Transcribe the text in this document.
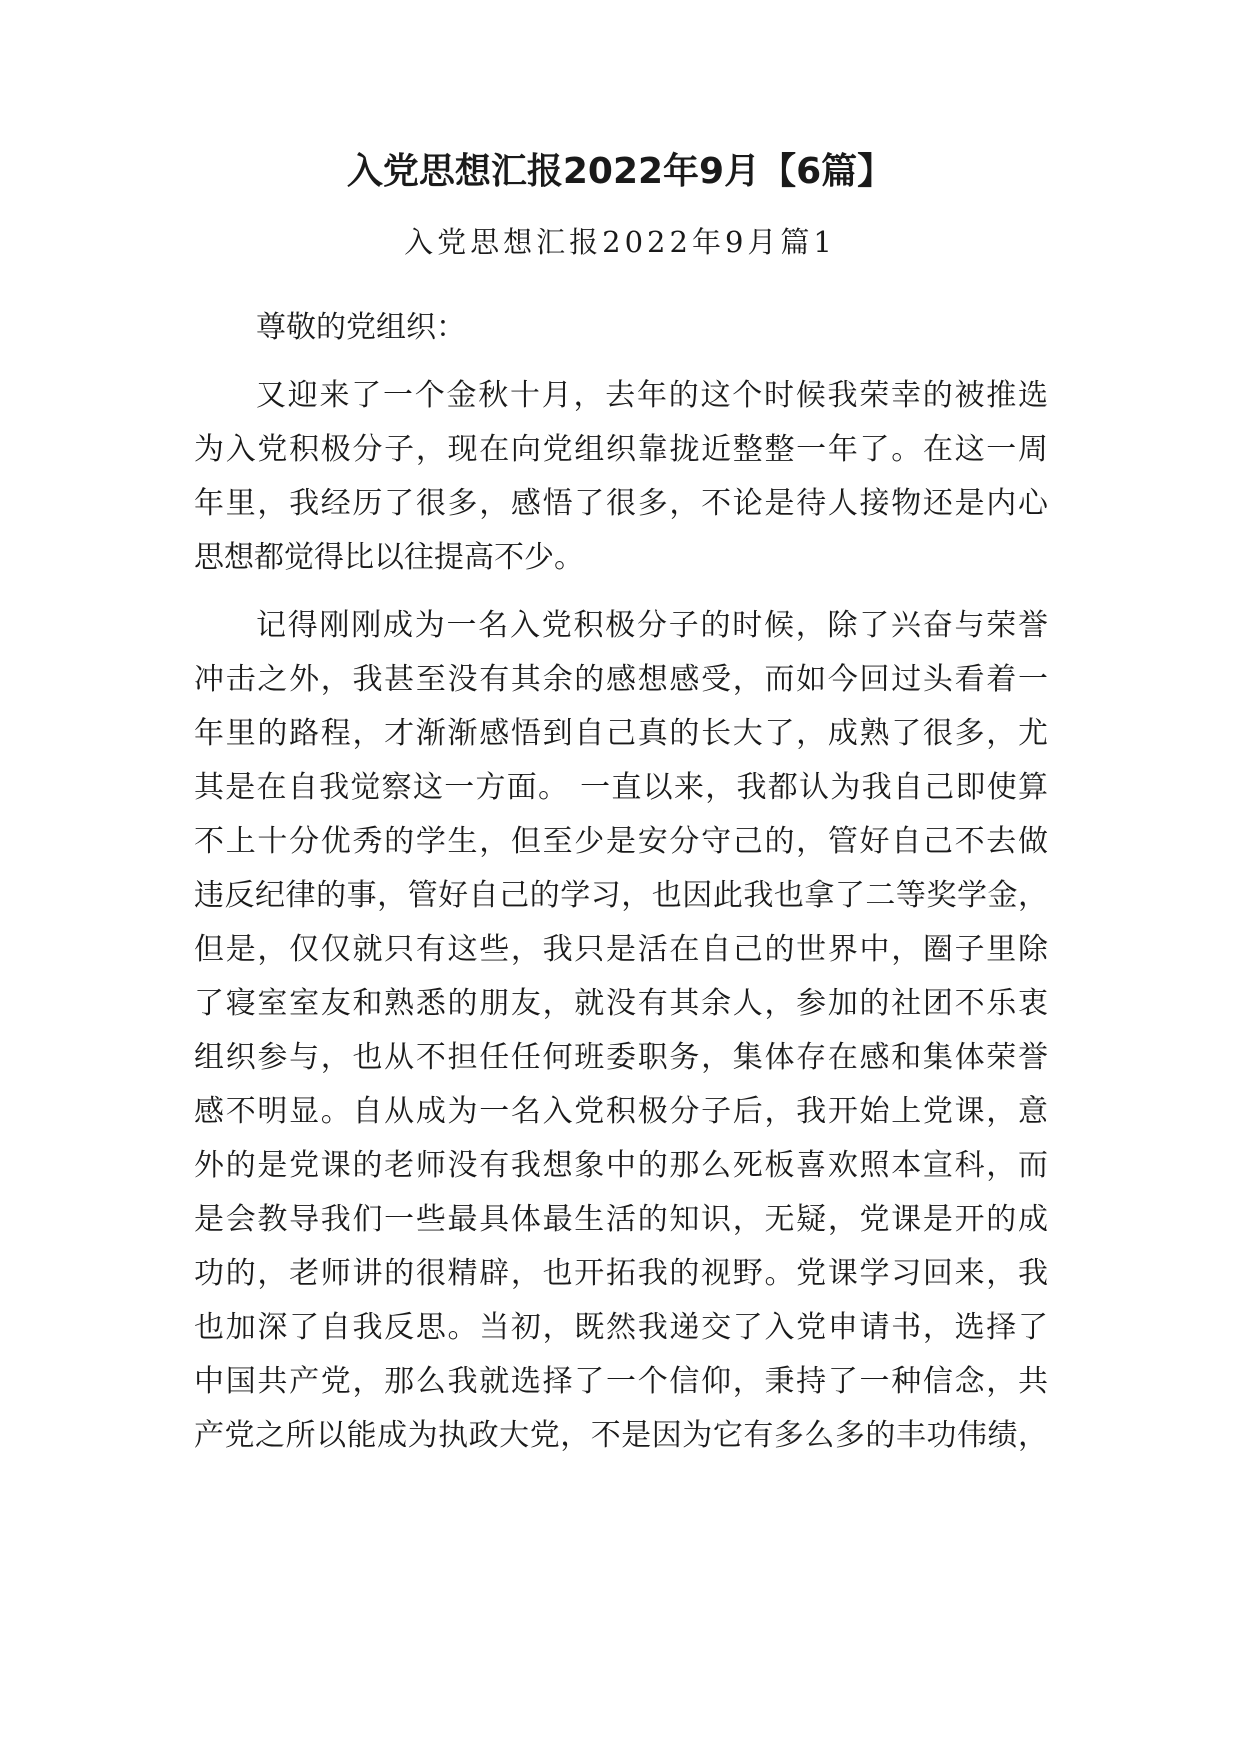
入党思想汇报2022年9月【6篇】
入党思想汇报2022年9月篇1
尊敬的党组织：
又迎来了一个金秋十月，去年的这个时候我荣幸的被推选
为入党积极分子，现在向党组织靠拢近整整一年了。在这一周
年里，我经历了很多，感悟了很多，不论是待人接物还是内心
思想都觉得比以往提高不少。
记得刚刚成为一名入党积极分子的时候，除了兴奋与荣誉
冲击之外，我甚至没有其余的感想感受，而如今回过头看着一
年里的路程，才渐渐感悟到自己真的长大了，成熟了很多，尤
其是在自我觉察这一方面。 一直以来，我都认为我自己即使算
不上十分优秀的学生，但至少是安分守己的，管好自己不去做
违反纪律的事，管好自己的学习，也因此我也拿了二等奖学金，
但是，仅仅就只有这些，我只是活在自己的世界中，圈子里除
了寝室室友和熟悉的朋友，就没有其余人，参加的社团不乐衷
组织参与，也从不担任任何班委职务，集体存在感和集体荣誉
感不明显。自从成为一名入党积极分子后，我开始上党课，意
外的是党课的老师没有我想象中的那么死板喜欢照本宣科，而
是会教导我们一些最具体最生活的知识，无疑，党课是开的成
功的，老师讲的很精辟，也开拓我的视野。党课学习回来，我
也加深了自我反思。当初，既然我递交了入党申请书，选择了
中国共产党，那么我就选择了一个信仰，秉持了一种信念，共
产党之所以能成为执政大党，不是因为它有多么多的丰功伟绩，
